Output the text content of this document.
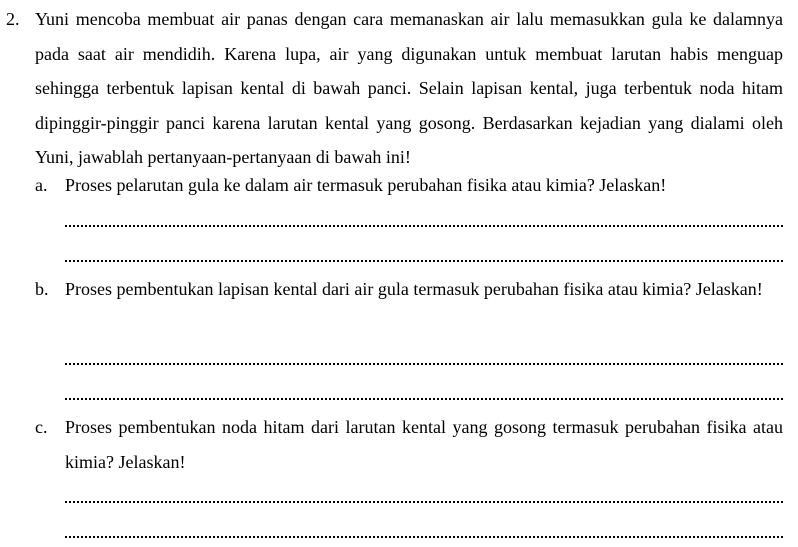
2. Yuni mencoba membuat air panas dengan cara memanaskan air lalu memasukkan gula ke dalamnya pada saat air mendidih. Karena lupa, air yang digunakan untuk membuat larutan habis menguap sehingga terbentuk lapisan kental di bawah panci. Selain lapisan kental, juga terbentuk noda hitam dipinggir-pinggir panci karena larutan kental yang gosong. Berdasarkan kejadian yang dialami oleh Yuni, jawablah pertanyaan-pertanyaan di bawah ini!
a. Proses pelarutan gula ke dalam air termasuk perubahan fisika atau kimia? Jelaskan!
b. Proses pembentukan lapisan kental dari air gula termasuk perubahan fisika atau kimia? Jelaskan!
c. Proses pembentukan noda hitam dari larutan kental yang gosong termasuk perubahan fisika atau kimia? Jelaskan!
